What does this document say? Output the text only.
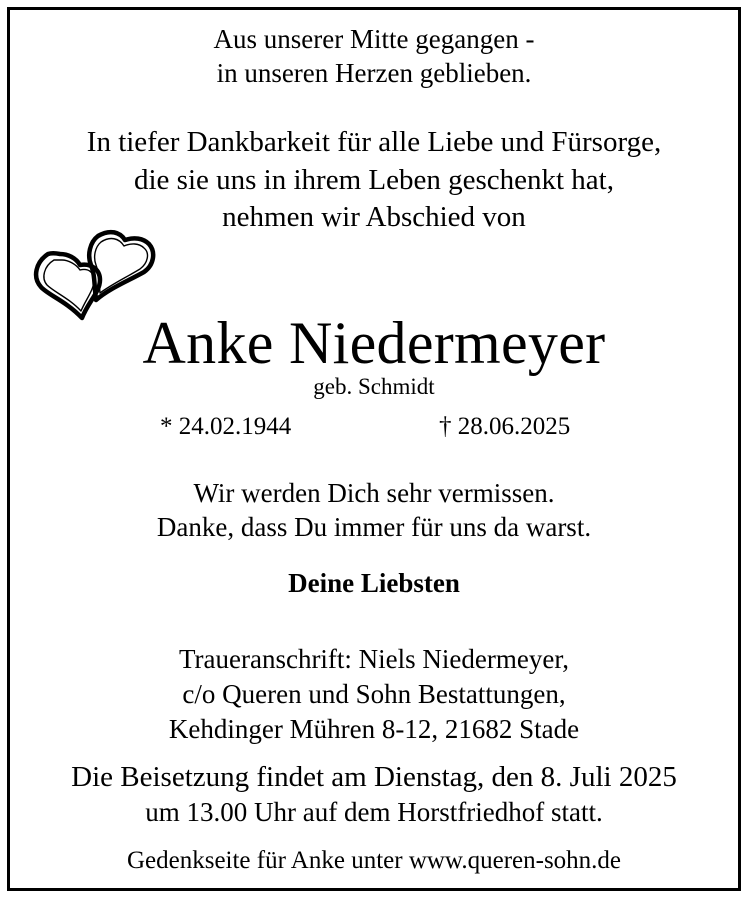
Aus unserer Mitte gegangen -
in unseren Herzen geblieben.
In tiefer Dankbarkeit für alle Liebe und Fürsorge,
die sie uns in ihrem Leben geschenkt hat,
nehmen wir Abschied von
Anke Niedermeyer
geb. Schmidt
* 24.02.1944	† 28.06.2025
Wir werden Dich sehr vermissen.
Danke, dass Du immer für uns da warst.
Deine Liebsten
Traueranschrift: Niels Niedermeyer,
c/o Queren und Sohn Bestattungen,
Kehdinger Mühren 8-12, 21682 Stade
Die Beisetzung findet am Dienstag, den 8. Juli 2025
um 13.00 Uhr auf dem Horstfriedhof statt.
Gedenkseite für Anke unter www.queren-sohn.de
